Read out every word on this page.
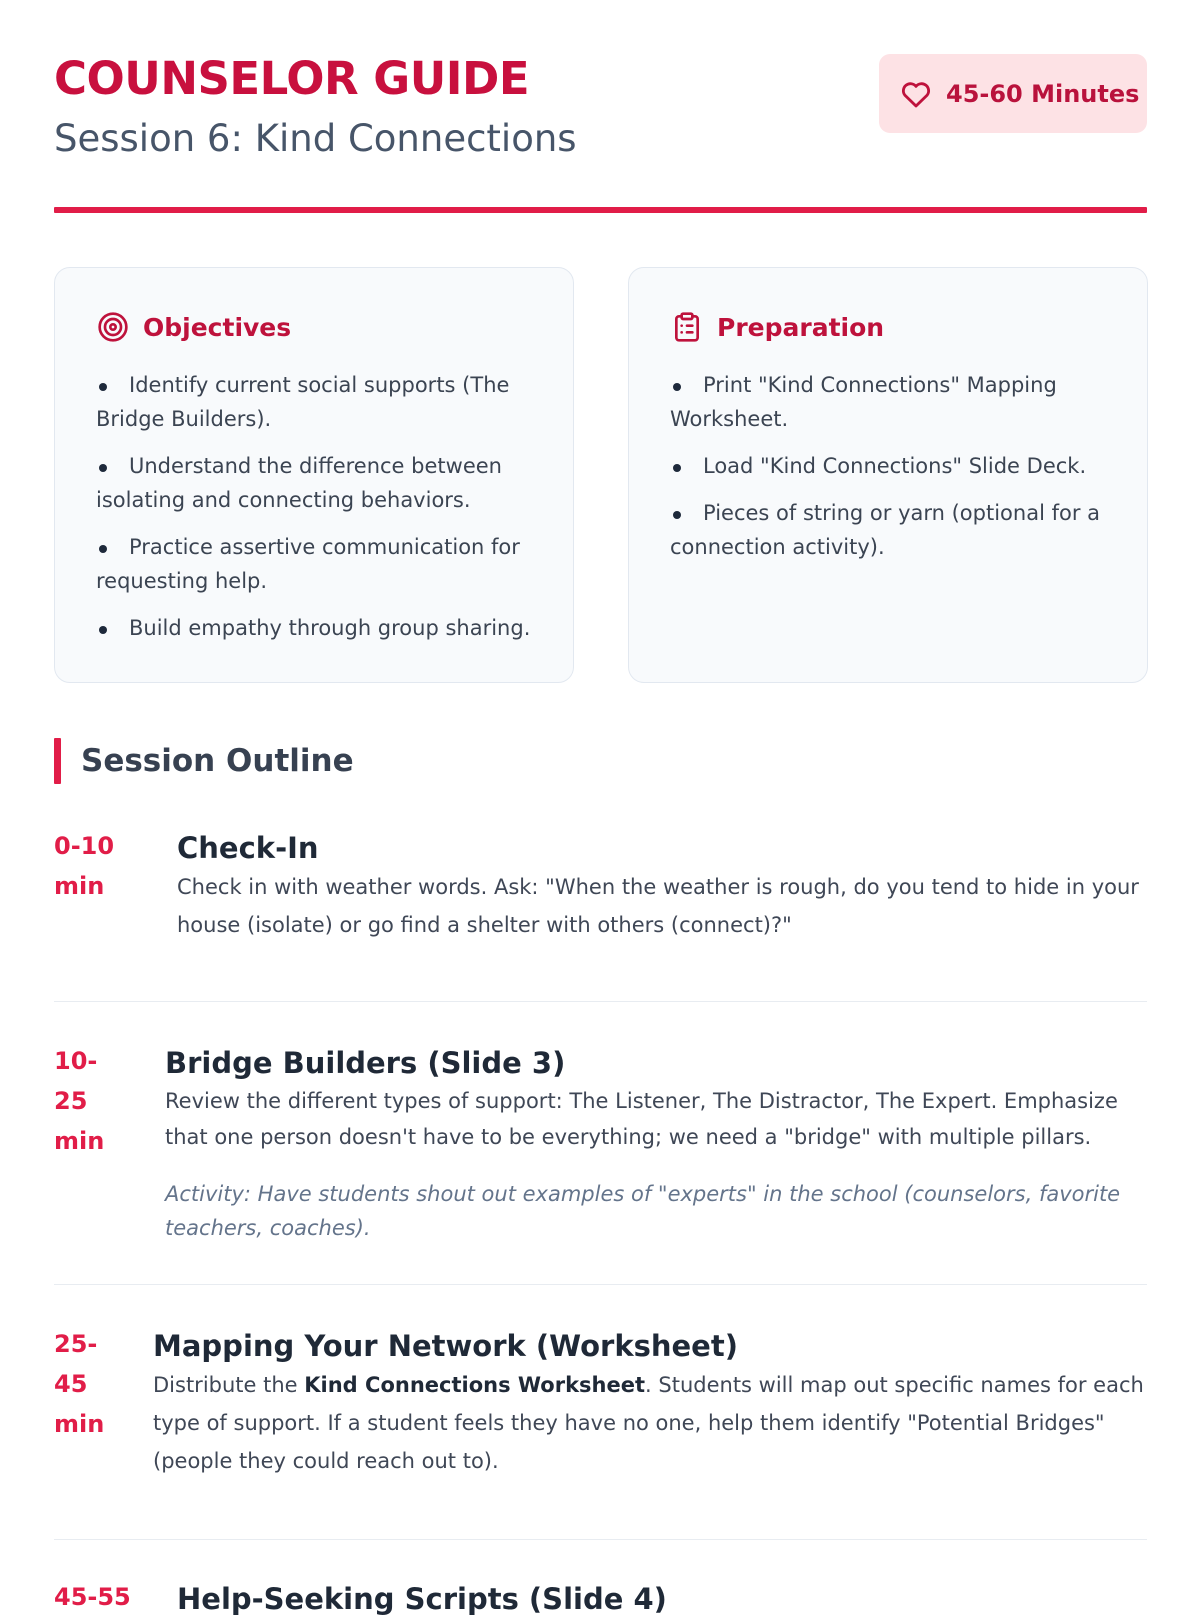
COUNSELOR GUIDE
Session 6: Kind Connections
45-60 Minutes
Objectives
Identify current social supports (The Bridge Builders).
Understand the difference between isolating and connecting behaviors.
Practice assertive communication for requesting help.
Build empathy through group sharing.
Preparation
Print "Kind Connections" Mapping Worksheet.
Load "Kind Connections" Slide Deck.
Pieces of string or yarn (optional for a connection activity).
Session Outline
0-10 min
Check-In

Check in with weather words. Ask: "When the weather is rough, do you tend to hide in your house (isolate) or go find a shelter with others (connect)?"

10-25 min
Bridge Builders (Slide 3)

Review the different types of support: The Listener, The Distractor, The Expert. Emphasize that one person doesn't have to be everything; we need a "bridge" with multiple pillars.

Activity: Have students shout out examples of "experts" in the school (counselors, favorite teachers, coaches).

25-45 min
Mapping Your Network (Worksheet)

Distribute the Kind Connections Worksheet. Students will map out specific names for each type of support. If a student feels they have no one, help them identify "Potential Bridges" (people they could reach out to).

45-55 Help-Seeking Scripts (Slide 4)
